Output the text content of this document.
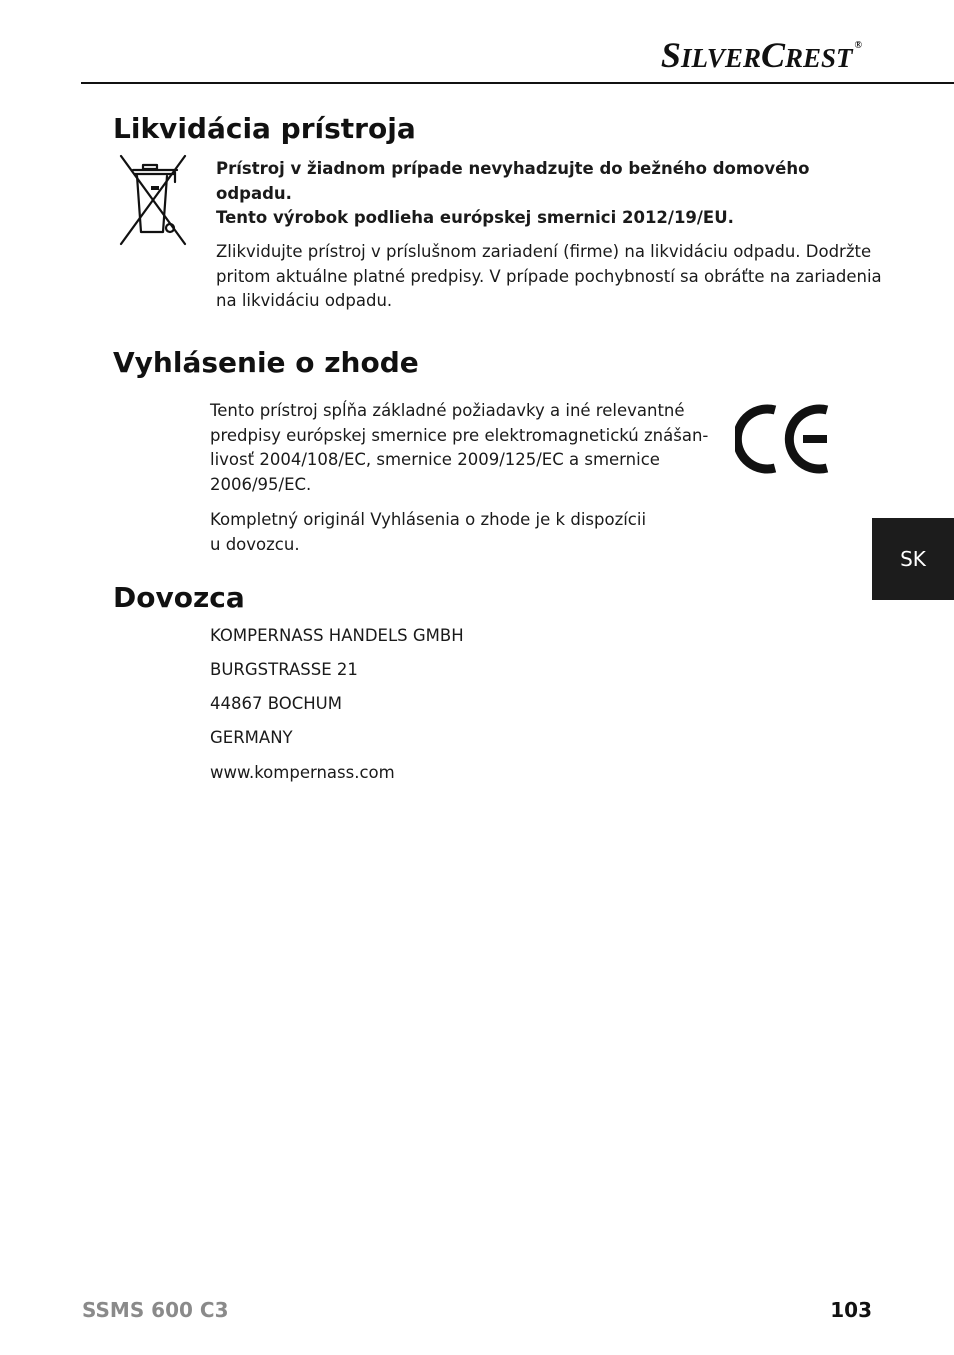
SILVERCREST ®
Likvidácia prístroja
Prístroj v žiadnom prípade nevyhadzujte do bežného domového
odpadu.
Tento výrobok podlieha európskej smernici 2012/19/EU.
Zlikvidujte prístroj v príslušnom zariadení (firme) na likvidáciu odpadu. Dodržte
pritom aktuálne platné predpisy. V prípade pochybností sa obráťte na zariadenia
na likvidáciu odpadu.
Vyhlásenie o zhode
Tento prístroj spĺňa základné požiadavky a iné relevantné
predpisy európskej smernice pre elektromagnetickú znášan-
livosť 2004/108/EC, smernice 2009/125/EC a smernice
2006/95/EC.
Kompletný originál Vyhlásenia o zhode je k dispozícii
u dovozcu.
Dovozca
KOMPERNASS HANDELS GMBH
BURGSTRASSE 21
44867 BOCHUM
GERMANY
www.kompernass.com
SK
SSMS 600 C3	103
